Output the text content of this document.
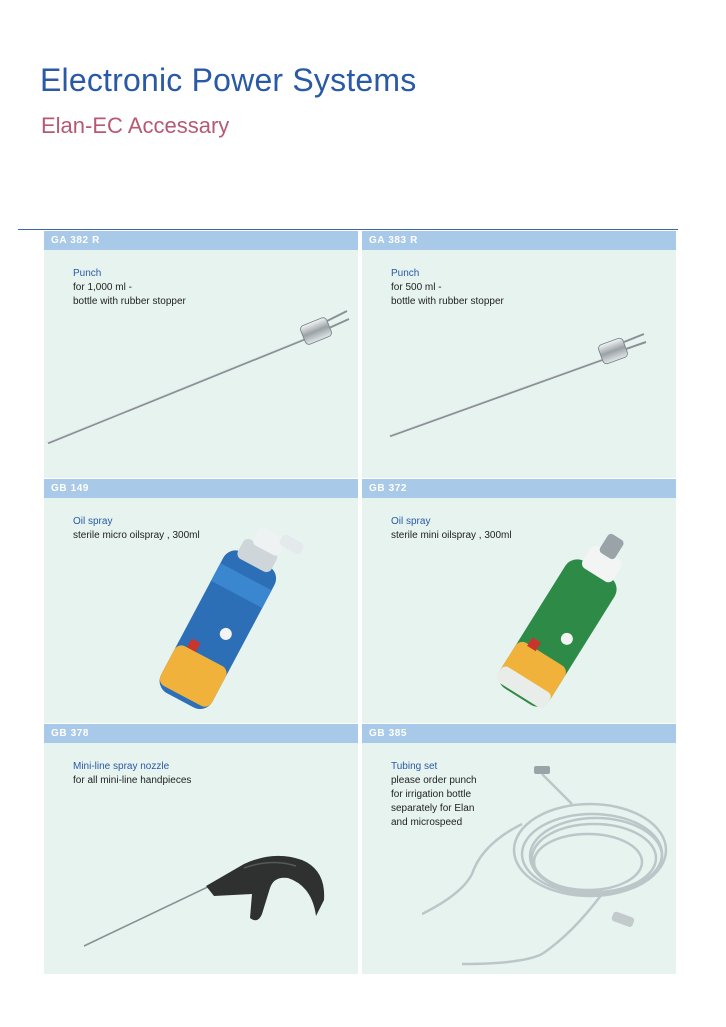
Electronic Power Systems
Elan-EC Accessary
GA 382 R
Punch
for 1,000 ml -
bottle with rubber stopper
GA 383 R
Punch
for 500 ml -
bottle with rubber stopper
GB 149
Oil spray
sterile micro oilspray , 300ml
GB 372
Oil spray
sterile mini oilspray , 300ml
GB 378
Mini-line spray nozzle
for all mini-line handpieces
GB 385
Tubing set
please order punch
for irrigation bottle
separately for Elan
and microspeed
